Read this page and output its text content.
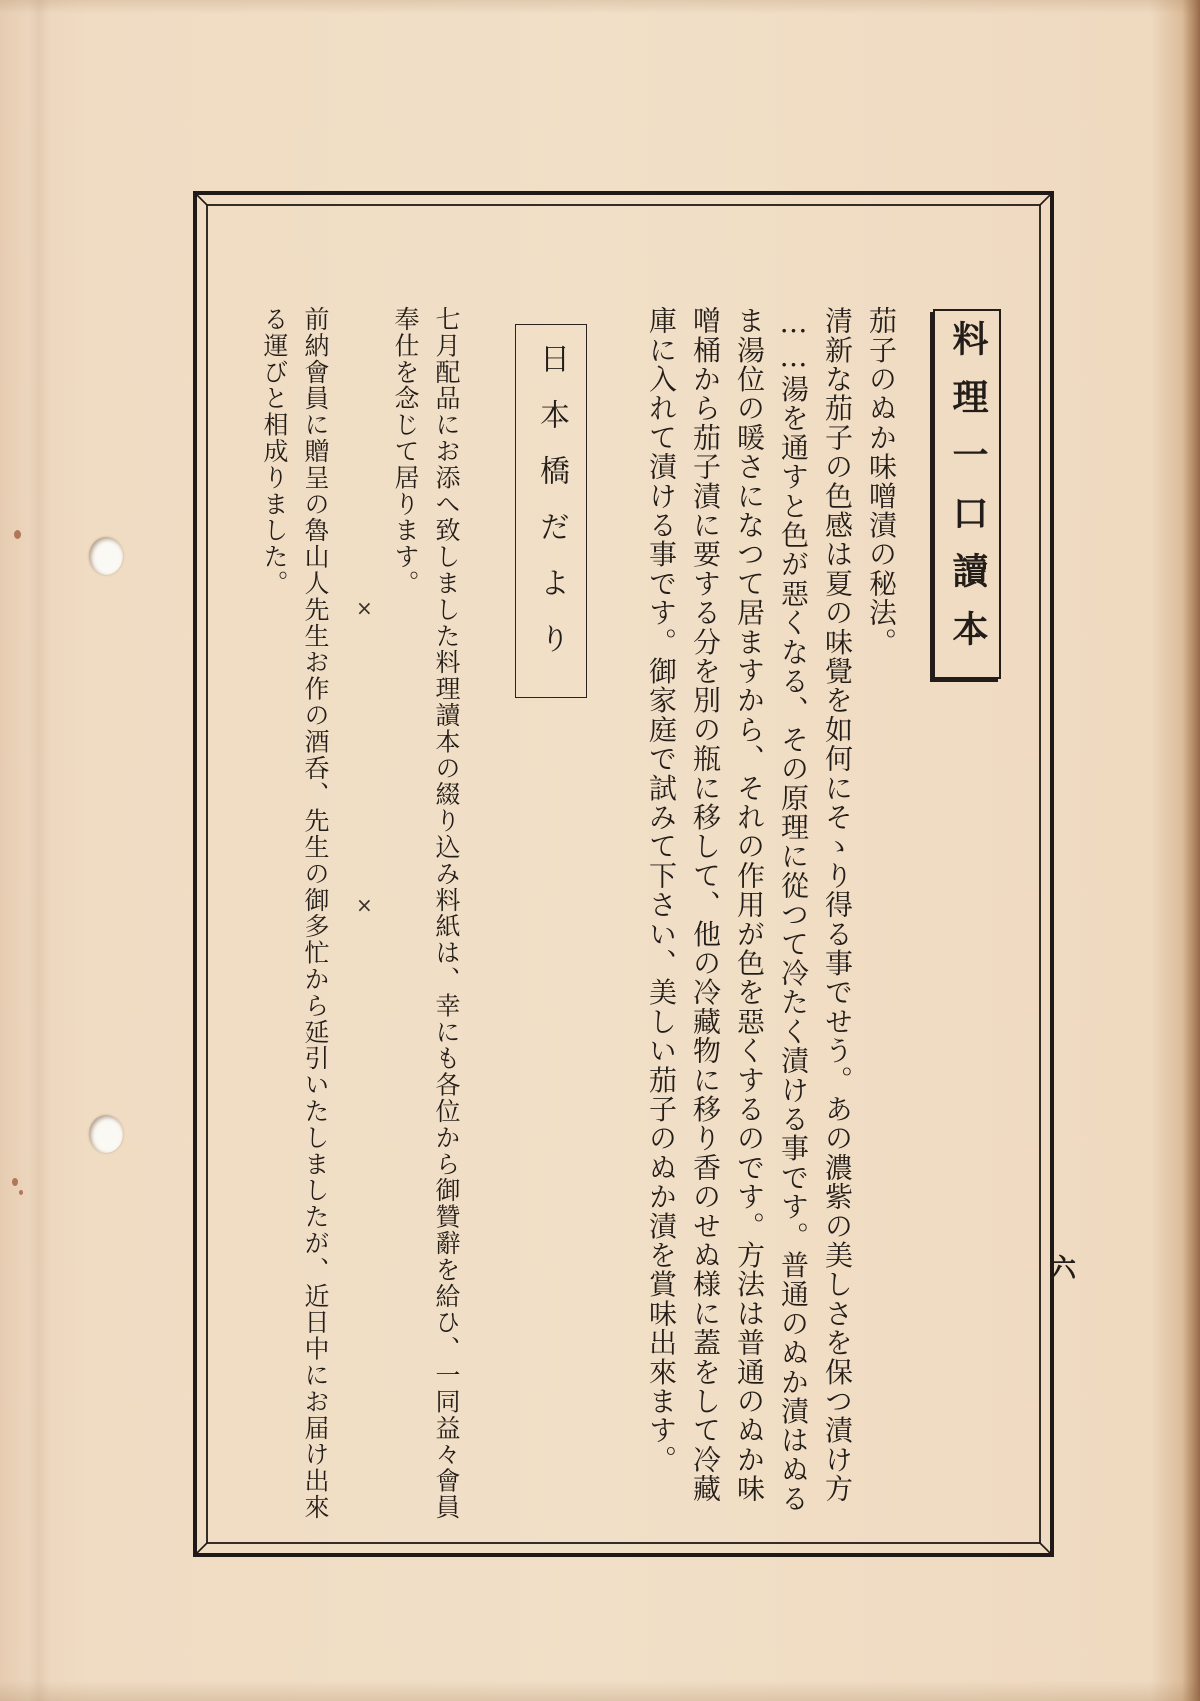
料理一口讀本
茄子のぬか味噌漬の秘法。
清新な茄子の色感は夏の味覺を如何にそゝり得る事でせう。あの濃紫の美しさを保つ漬け方
……湯を通すと色が惡くなる、その原理に從つて冷たく漬ける事です。普通のぬか漬はぬる
ま湯位の暖さになつて居ますから、それの作用が色を惡くするのです。方法は普通のぬか味
噌桶から茄子漬に要する分を別の瓶に移して、他の冷藏物に移り香のせぬ様に蓋をして冷藏
庫に入れて漬ける事です。御家庭で試みて下さい、美しい茄子のぬか漬を賞味出來ます。
日本橋だより
七月配品にお添へ致しました料理讀本の綴り込み料紙は、幸にも各位から御贊辭を給ひ、一同益々會員
奉仕を念じて居ります。
×
×
前納會員に贈呈の魯山人先生お作の酒呑、先生の御多忙から延引いたしましたが、近日中にお届け出來
る運びと相成りました。
六
